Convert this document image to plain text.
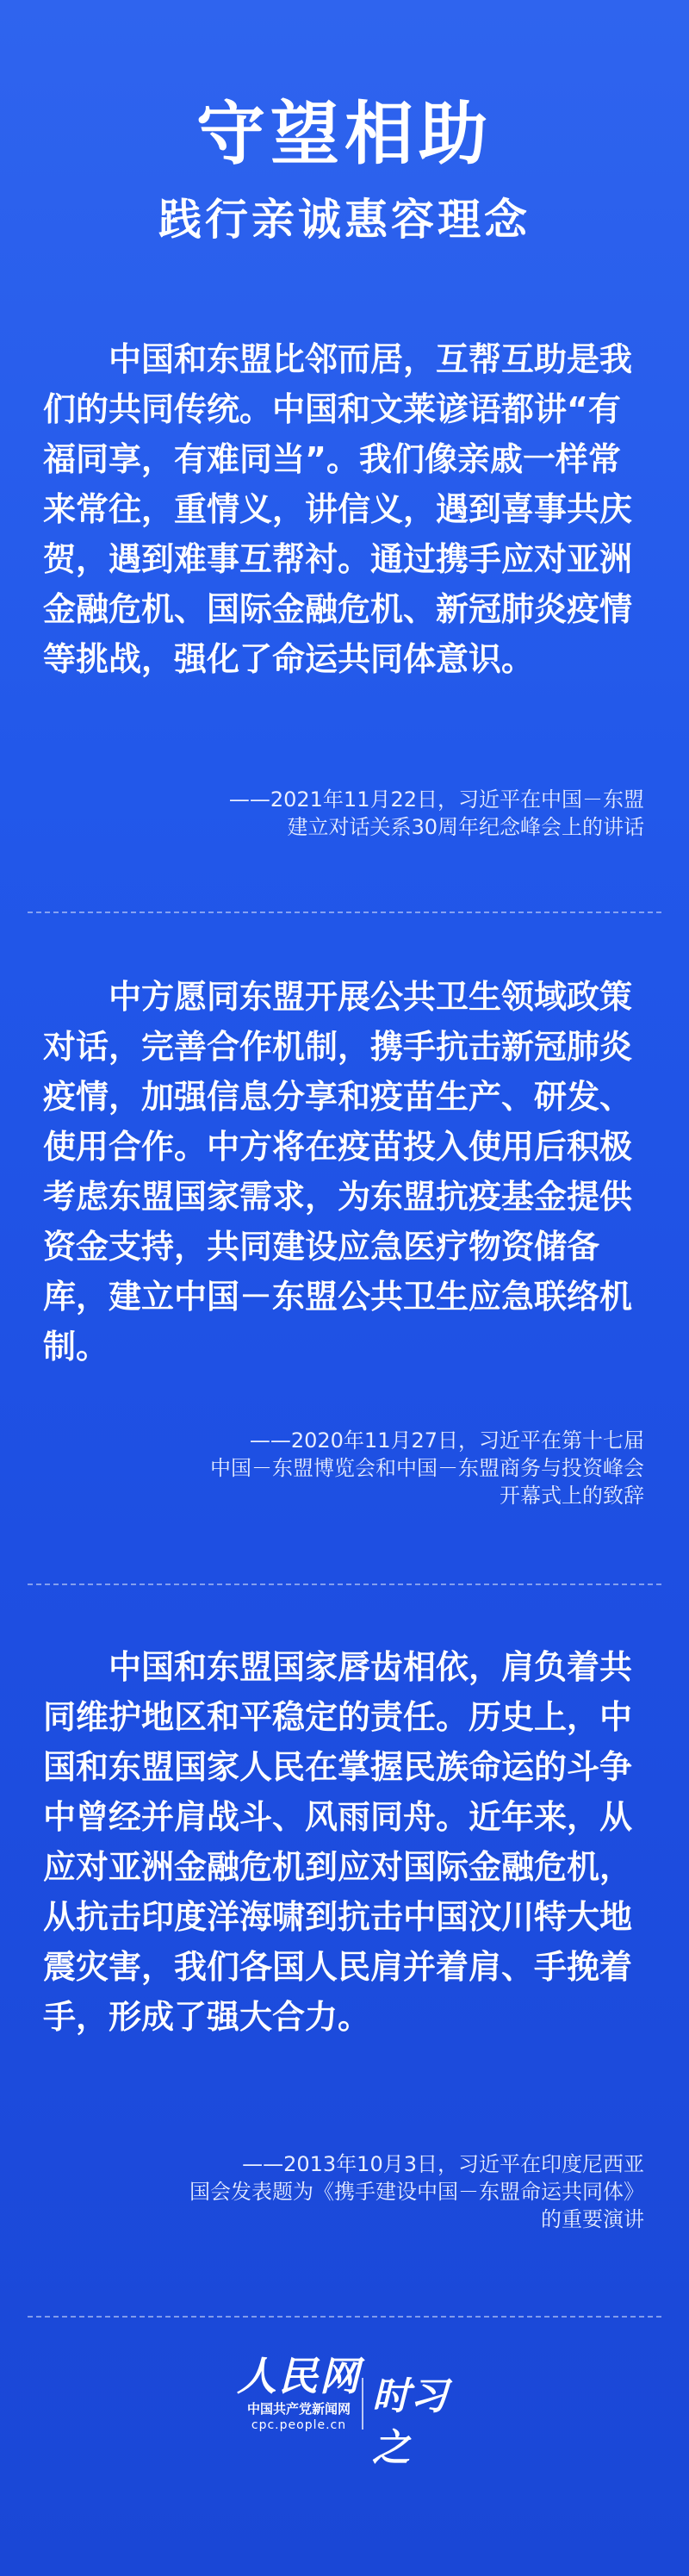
守望相助
践行亲诚惠容理念

中国和东盟比邻而居，互帮互助是我们的共同传统。中国和文莱谚语都讲“有福同享，有难同当”。我们像亲戚一样常来常往，重情义，讲信义，遇到喜事共庆贺，遇到难事互帮衬。通过携手应对亚洲金融危机、国际金融危机、新冠肺炎疫情等挑战，强化了命运共同体意识。

——2021年11月22日，习近平在中国－东盟
建立对话关系30周年纪念峰会上的讲话

中方愿同东盟开展公共卫生领域政策对话，完善合作机制，携手抗击新冠肺炎疫情，加强信息分享和疫苗生产、研发、使用合作。中方将在疫苗投入使用后积极考虑东盟国家需求，为东盟抗疫基金提供资金支持，共同建设应急医疗物资储备库，建立中国－东盟公共卫生应急联络机制。

——2020年11月27日，习近平在第十七届
中国－东盟博览会和中国－东盟商务与投资峰会
开幕式上的致辞

中国和东盟国家唇齿相依，肩负着共同维护地区和平稳定的责任。历史上，中国和东盟国家人民在掌握民族命运的斗争中曾经并肩战斗、风雨同舟。近年来，从应对亚洲金融危机到应对国际金融危机，从抗击印度洋海啸到抗击中国汶川特大地震灾害，我们各国人民肩并着肩、手挽着手，形成了强大合力。

——2013年10月3日，习近平在印度尼西亚
国会发表题为《携手建设中国－东盟命运共同体》
的重要演讲

人民网
中国共产党新闻网
cpc.people.cn
时习之
